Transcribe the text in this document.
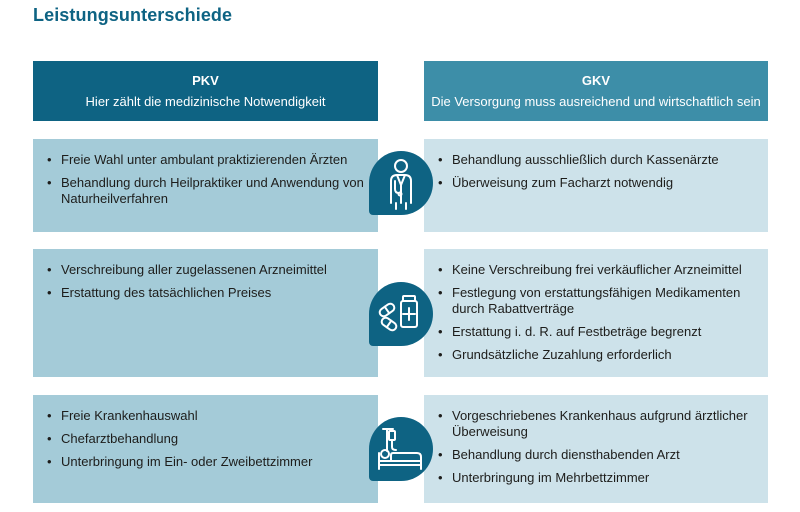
Leistungsunterschiede
PKV
Hier zählt die medizinische Notwendigkeit
GKV
Die Versorgung muss ausreichend und wirtschaftlich sein
• Freie Wahl unter ambulant praktizierenden Ärzten
• Behandlung durch Heilpraktiker und Anwendung von Naturheilverfahren
• Behandlung ausschließlich durch Kassenärzte
• Überweisung zum Facharzt notwendig
• Verschreibung aller zugelassenen Arzneimittel
• Erstattung des tatsächlichen Preises
• Keine Verschreibung frei verkäuflicher Arzneimittel
• Festlegung von erstattungsfähigen Medikamenten durch Rabattverträge
• Erstattung i. d. R. auf Festbeträge begrenzt
• Grundsätzliche Zuzahlung erforderlich
• Freie Krankenhauswahl
• Chefarztbehandlung
• Unterbringung im Ein- oder Zweibettzimmer
• Vorgeschriebenes Krankenhaus aufgrund ärztlicher Überweisung
• Behandlung durch diensthabenden Arzt
• Unterbringung im Mehrbettzimmer
